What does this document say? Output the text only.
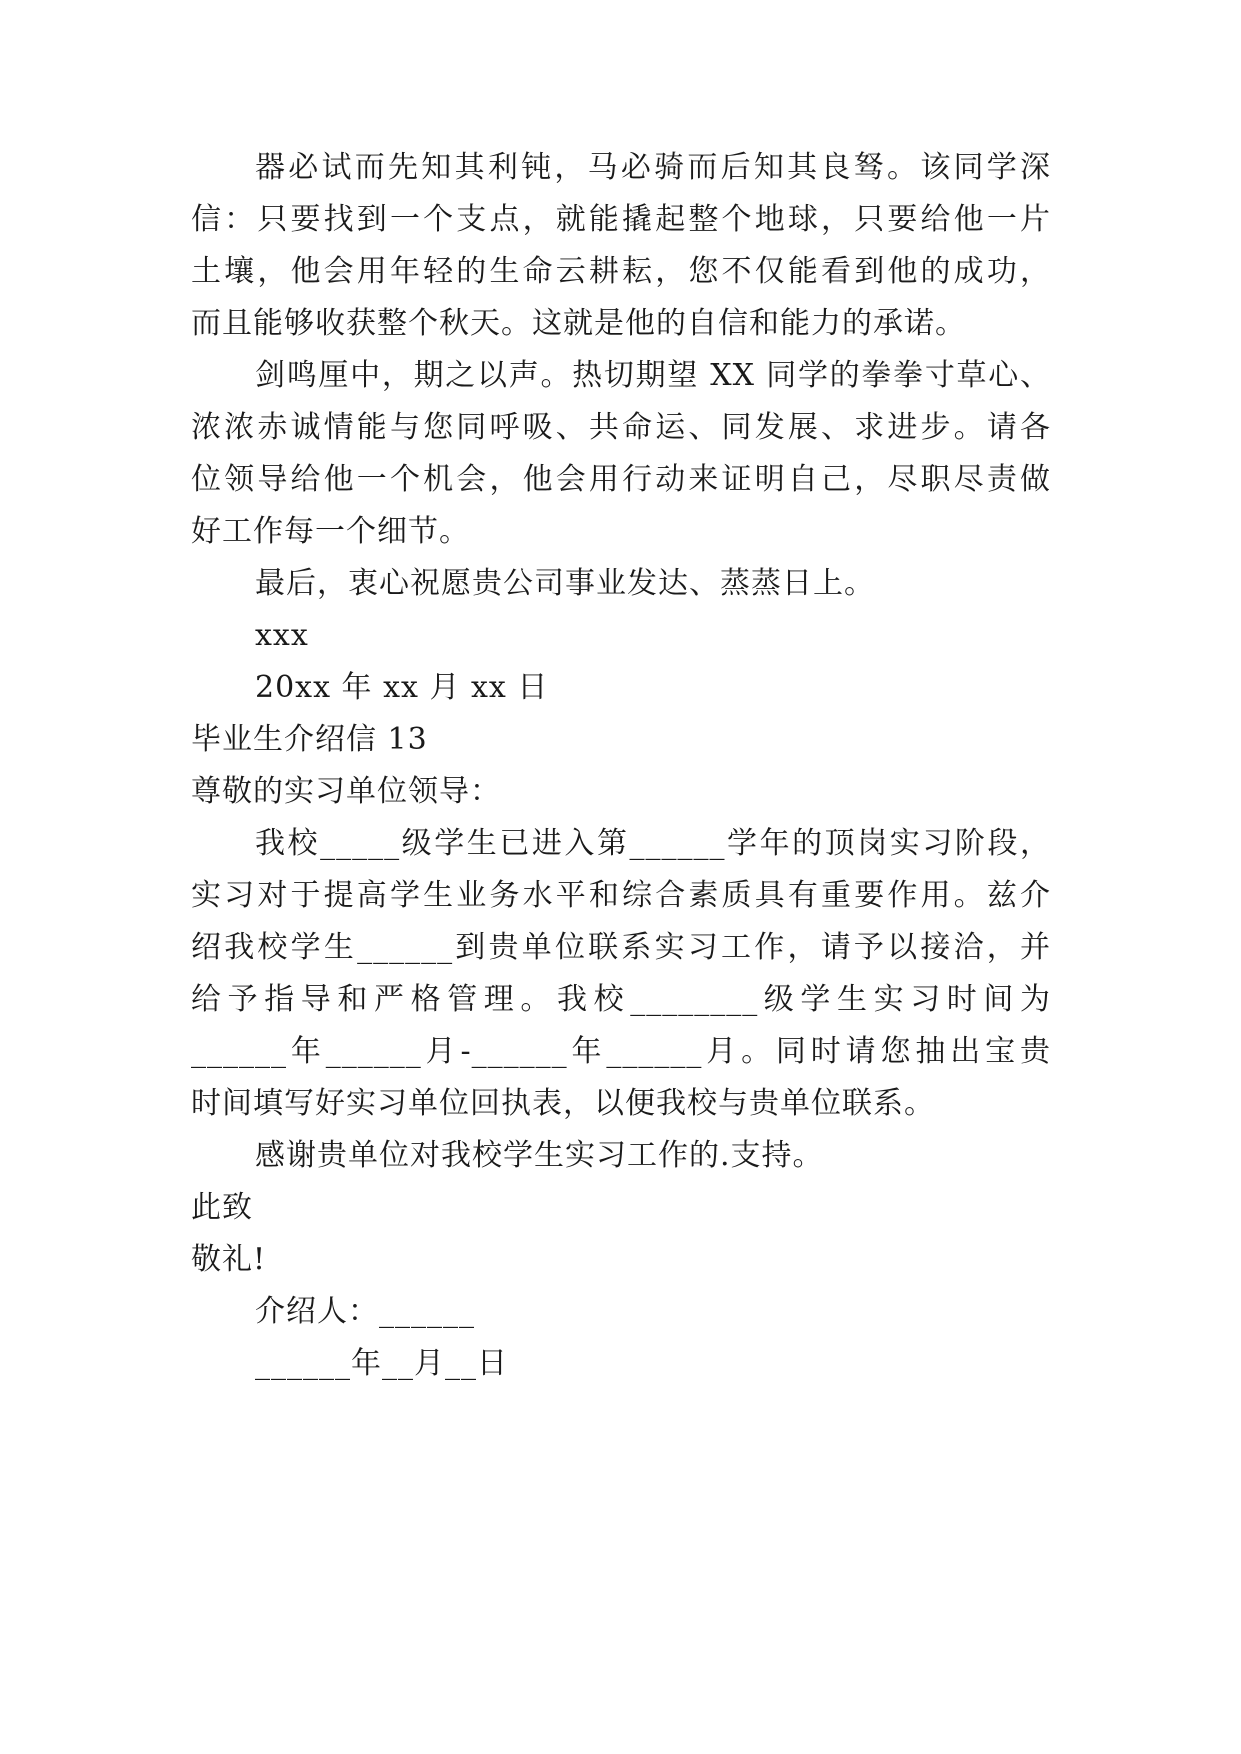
器必试而先知其利钝，马必骑而后知其良驽。该同学深
信：只要找到一个支点，就能撬起整个地球，只要给他一片
土壤，他会用年轻的生命云耕耘，您不仅能看到他的成功，
而且能够收获整个秋天。这就是他的自信和能力的承诺。
剑鸣厘中，期之以声。热切期望 XX 同学的拳拳寸草心、
浓浓赤诚情能与您同呼吸、共命运、同发展、求进步。请各
位领导给他一个机会，他会用行动来证明自己，尽职尽责做
好工作每一个细节。
最后，衷心祝愿贵公司事业发达、蒸蒸日上。
xxx
20xx 年 xx 月 xx 日
毕业生介绍信 13
尊敬的实习单位领导：
我校_____级学生已进入第______学年的顶岗实习阶段，
实习对于提高学生业务水平和综合素质具有重要作用。兹介
绍我校学生______到贵单位联系实习工作，请予以接洽，并
给予指导和严格管理。我校________级学生实习时间为
______年______月-______年______月。同时请您抽出宝贵
时间填写好实习单位回执表，以便我校与贵单位联系。
感谢贵单位对我校学生实习工作的.支持。
此致
敬礼!
介绍人：______
______年__月__日
